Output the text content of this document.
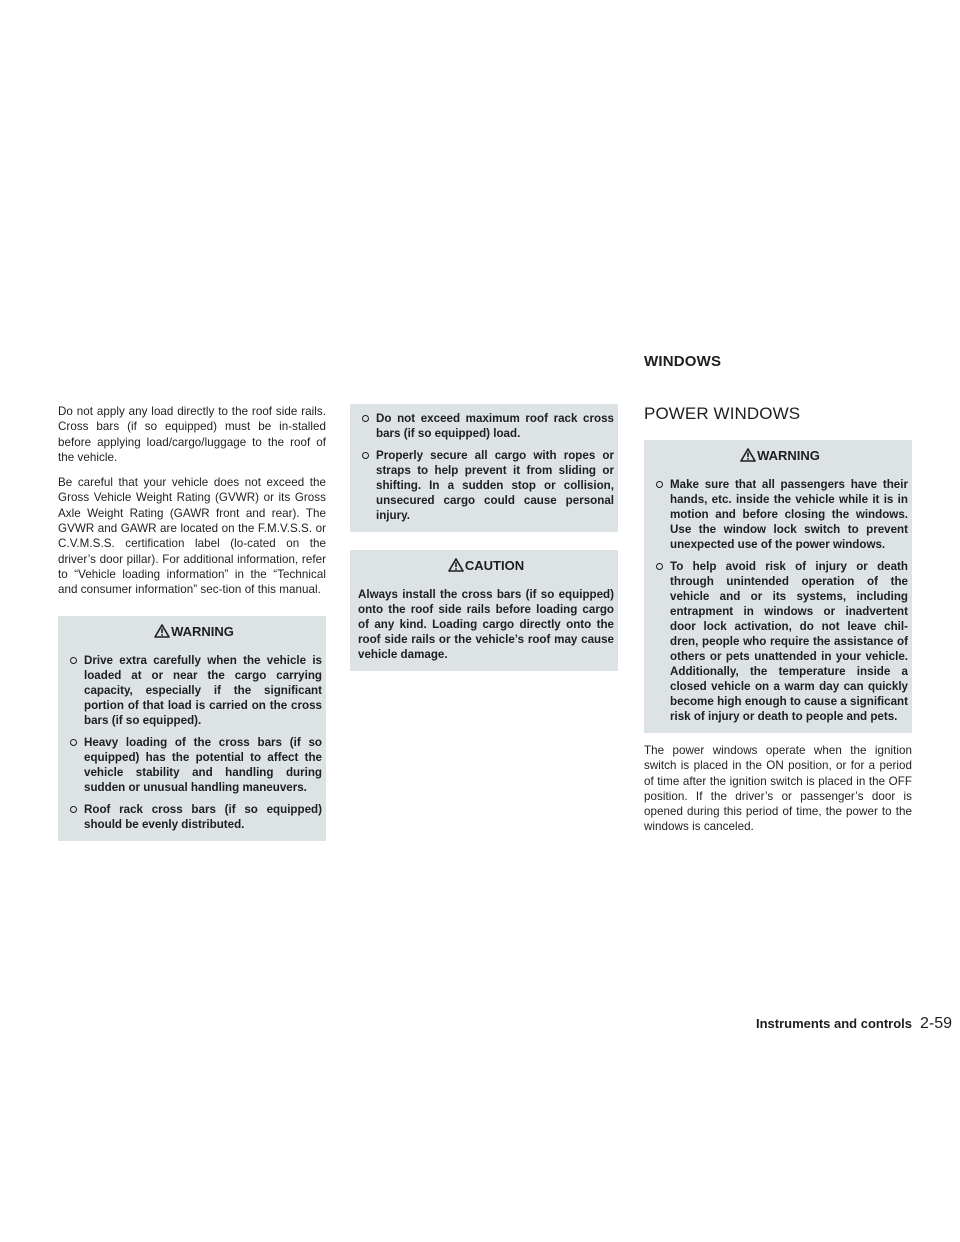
WINDOWS

Do not apply any load directly to the roof side rails. Cross bars (if so equipped) must be in-stalled before applying load/cargo/luggage to the roof of the vehicle.

Be careful that your vehicle does not exceed the Gross Vehicle Weight Rating (GVWR) or its Gross Axle Weight Rating (GAWR front and rear). The GVWR and GAWR are located on the F.M.V.S.S. or C.V.M.S.S. certification label (lo-cated on the driver’s door pillar). For additional information, refer to “Vehicle loading information” in the “Technical and consumer information” sec-tion of this manual.

WARNING
Drive extra carefully when the vehicle is loaded at or near the cargo carrying capacity, especially if the significant portion of that load is carried on the cross bars (if so equipped).
Heavy loading of the cross bars (if so equipped) has the potential to affect the vehicle stability and handling during sudden or unusual handling maneuvers.
Roof rack cross bars (if so equipped) should be evenly distributed.
Do not exceed maximum roof rack cross bars (if so equipped) load.
Properly secure all cargo with ropes or straps to help prevent it from sliding or shifting. In a sudden stop or collision, unsecured cargo could cause personal injury.
CAUTION

Always install the cross bars (if so equipped) onto the roof side rails before loading cargo of any kind. Loading cargo directly onto the roof side rails or the vehicle’s roof may cause vehicle damage.

POWER WINDOWS
WARNING
Make sure that all passengers have their hands, etc. inside the vehicle while it is in motion and before closing the windows. Use the window lock switch to prevent unexpected use of the power windows.
To help avoid risk of injury or death through unintended operation of the vehicle and or its systems, including entrapment in windows or inadvertent door lock activation, do not leave chil-dren, people who require the assistance of others or pets unattended in your vehicle. Additionally, the temperature inside a closed vehicle on a warm day can quickly become high enough to cause a significant risk of injury or death to people and pets.

The power windows operate when the ignition switch is placed in the ON position, or for a period of time after the ignition switch is placed in the OFF position. If the driver’s or passenger’s door is opened during this period of time, the power to the windows is canceled.

Instruments and controls 2-59
